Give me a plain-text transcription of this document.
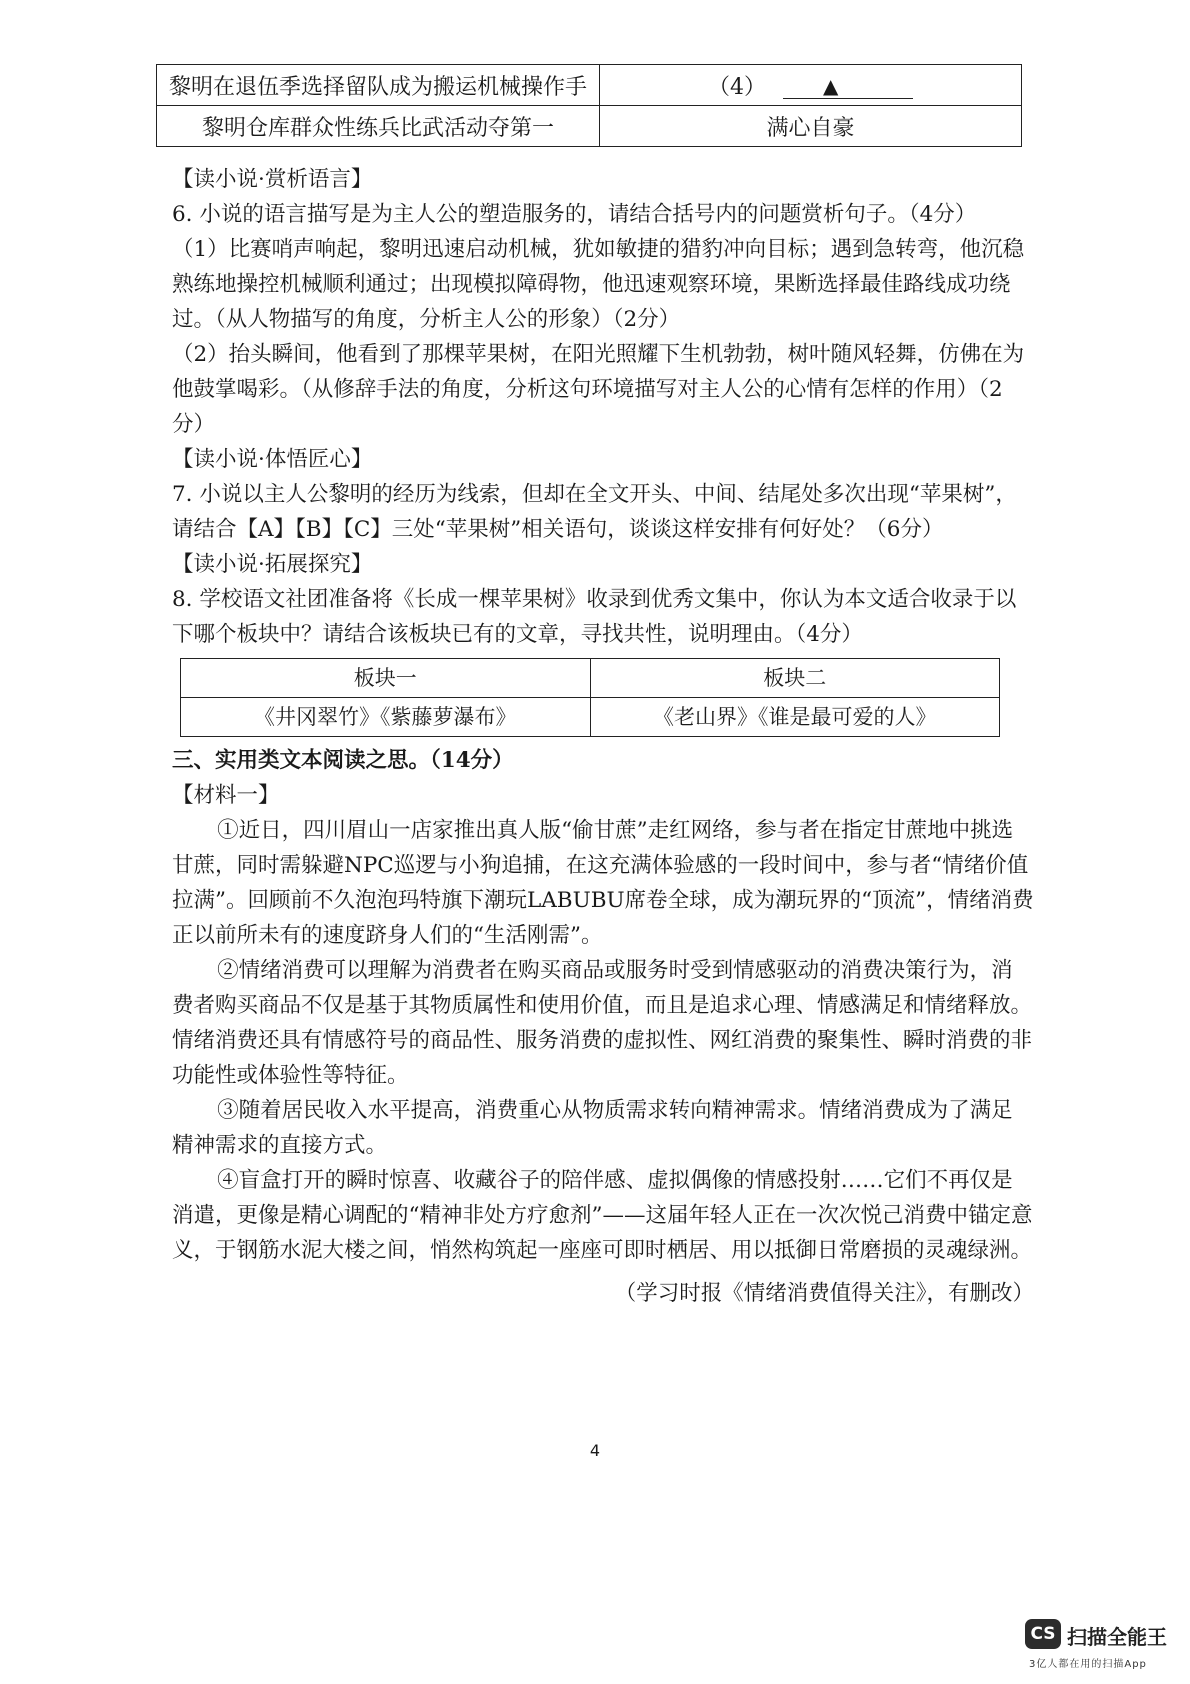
黎明在退伍季选择留队成为搬运机械操作手	（4） ▲

黎明仓库群众性练兵比武活动夺第一	满心自豪

【读小说·赏析语言】

6. 小说的语言描写是为主人公的塑造服务的，请结合括号内的问题赏析句子。（4分）

（1）比赛哨声响起，黎明迅速启动机械，犹如敏捷的猎豹冲向目标；遇到急转弯，他沉稳熟练地操控机械顺利通过；出现模拟障碍物，他迅速观察环境，果断选择最佳路线成功绕过。（从人物描写的角度，分析主人公的形象）（2分）

（2）抬头瞬间，他看到了那棵苹果树，在阳光照耀下生机勃勃，树叶随风轻舞，仿佛在为他鼓掌喝彩。（从修辞手法的角度，分析这句环境描写对主人公的心情有怎样的作用）（2分）

【读小说·体悟匠心】

7. 小说以主人公黎明的经历为线索，但却在全文开头、中间、结尾处多次出现“苹果树”，请结合【A】【B】【C】三处“苹果树”相关语句，谈谈这样安排有何好处？（6分）

【读小说·拓展探究】

8. 学校语文社团准备将《长成一棵苹果树》收录到优秀文集中，你认为本文适合收录于以下哪个板块中？请结合该板块已有的文章，寻找共性，说明理由。（4分）

板块一	板块二
《井冈翠竹》《紫藤萝瀑布》	《老山界》《谁是最可爱的人》

三、实用类文本阅读之思。（14分）

【材料一】

①近日，四川眉山一店家推出真人版“偷甘蔗”走红网络，参与者在指定甘蔗地中挑选甘蔗，同时需躲避NPC巡逻与小狗追捕，在这充满体验感的一段时间中，参与者“情绪价值拉满”。回顾前不久泡泡玛特旗下潮玩LABUBU席卷全球，成为潮玩界的“顶流”，情绪消费正以前所未有的速度跻身人们的“生活刚需”。

②情绪消费可以理解为消费者在购买商品或服务时受到情感驱动的消费决策行为，消费者购买商品不仅是基于其物质属性和使用价值，而且是追求心理、情感满足和情绪释放。情绪消费还具有情感符号的商品性、服务消费的虚拟性、网红消费的聚集性、瞬时消费的非功能性或体验性等特征。

③随着居民收入水平提高，消费重心从物质需求转向精神需求。情绪消费成为了满足精神需求的直接方式。

④盲盒打开的瞬时惊喜、收藏谷子的陪伴感、虚拟偶像的情感投射……它们不再仅是消遣，更像是精心调配的“精神非处方疗愈剂”——这届年轻人正在一次次悦己消费中锚定意义，于钢筋水泥大楼之间，悄然构筑起一座座可即时栖居、用以抵御日常磨损的灵魂绿洲。

（学习时报《情绪消费值得关注》，有删改）

4
CS 扫描全能王
3亿人都在用的扫描App
